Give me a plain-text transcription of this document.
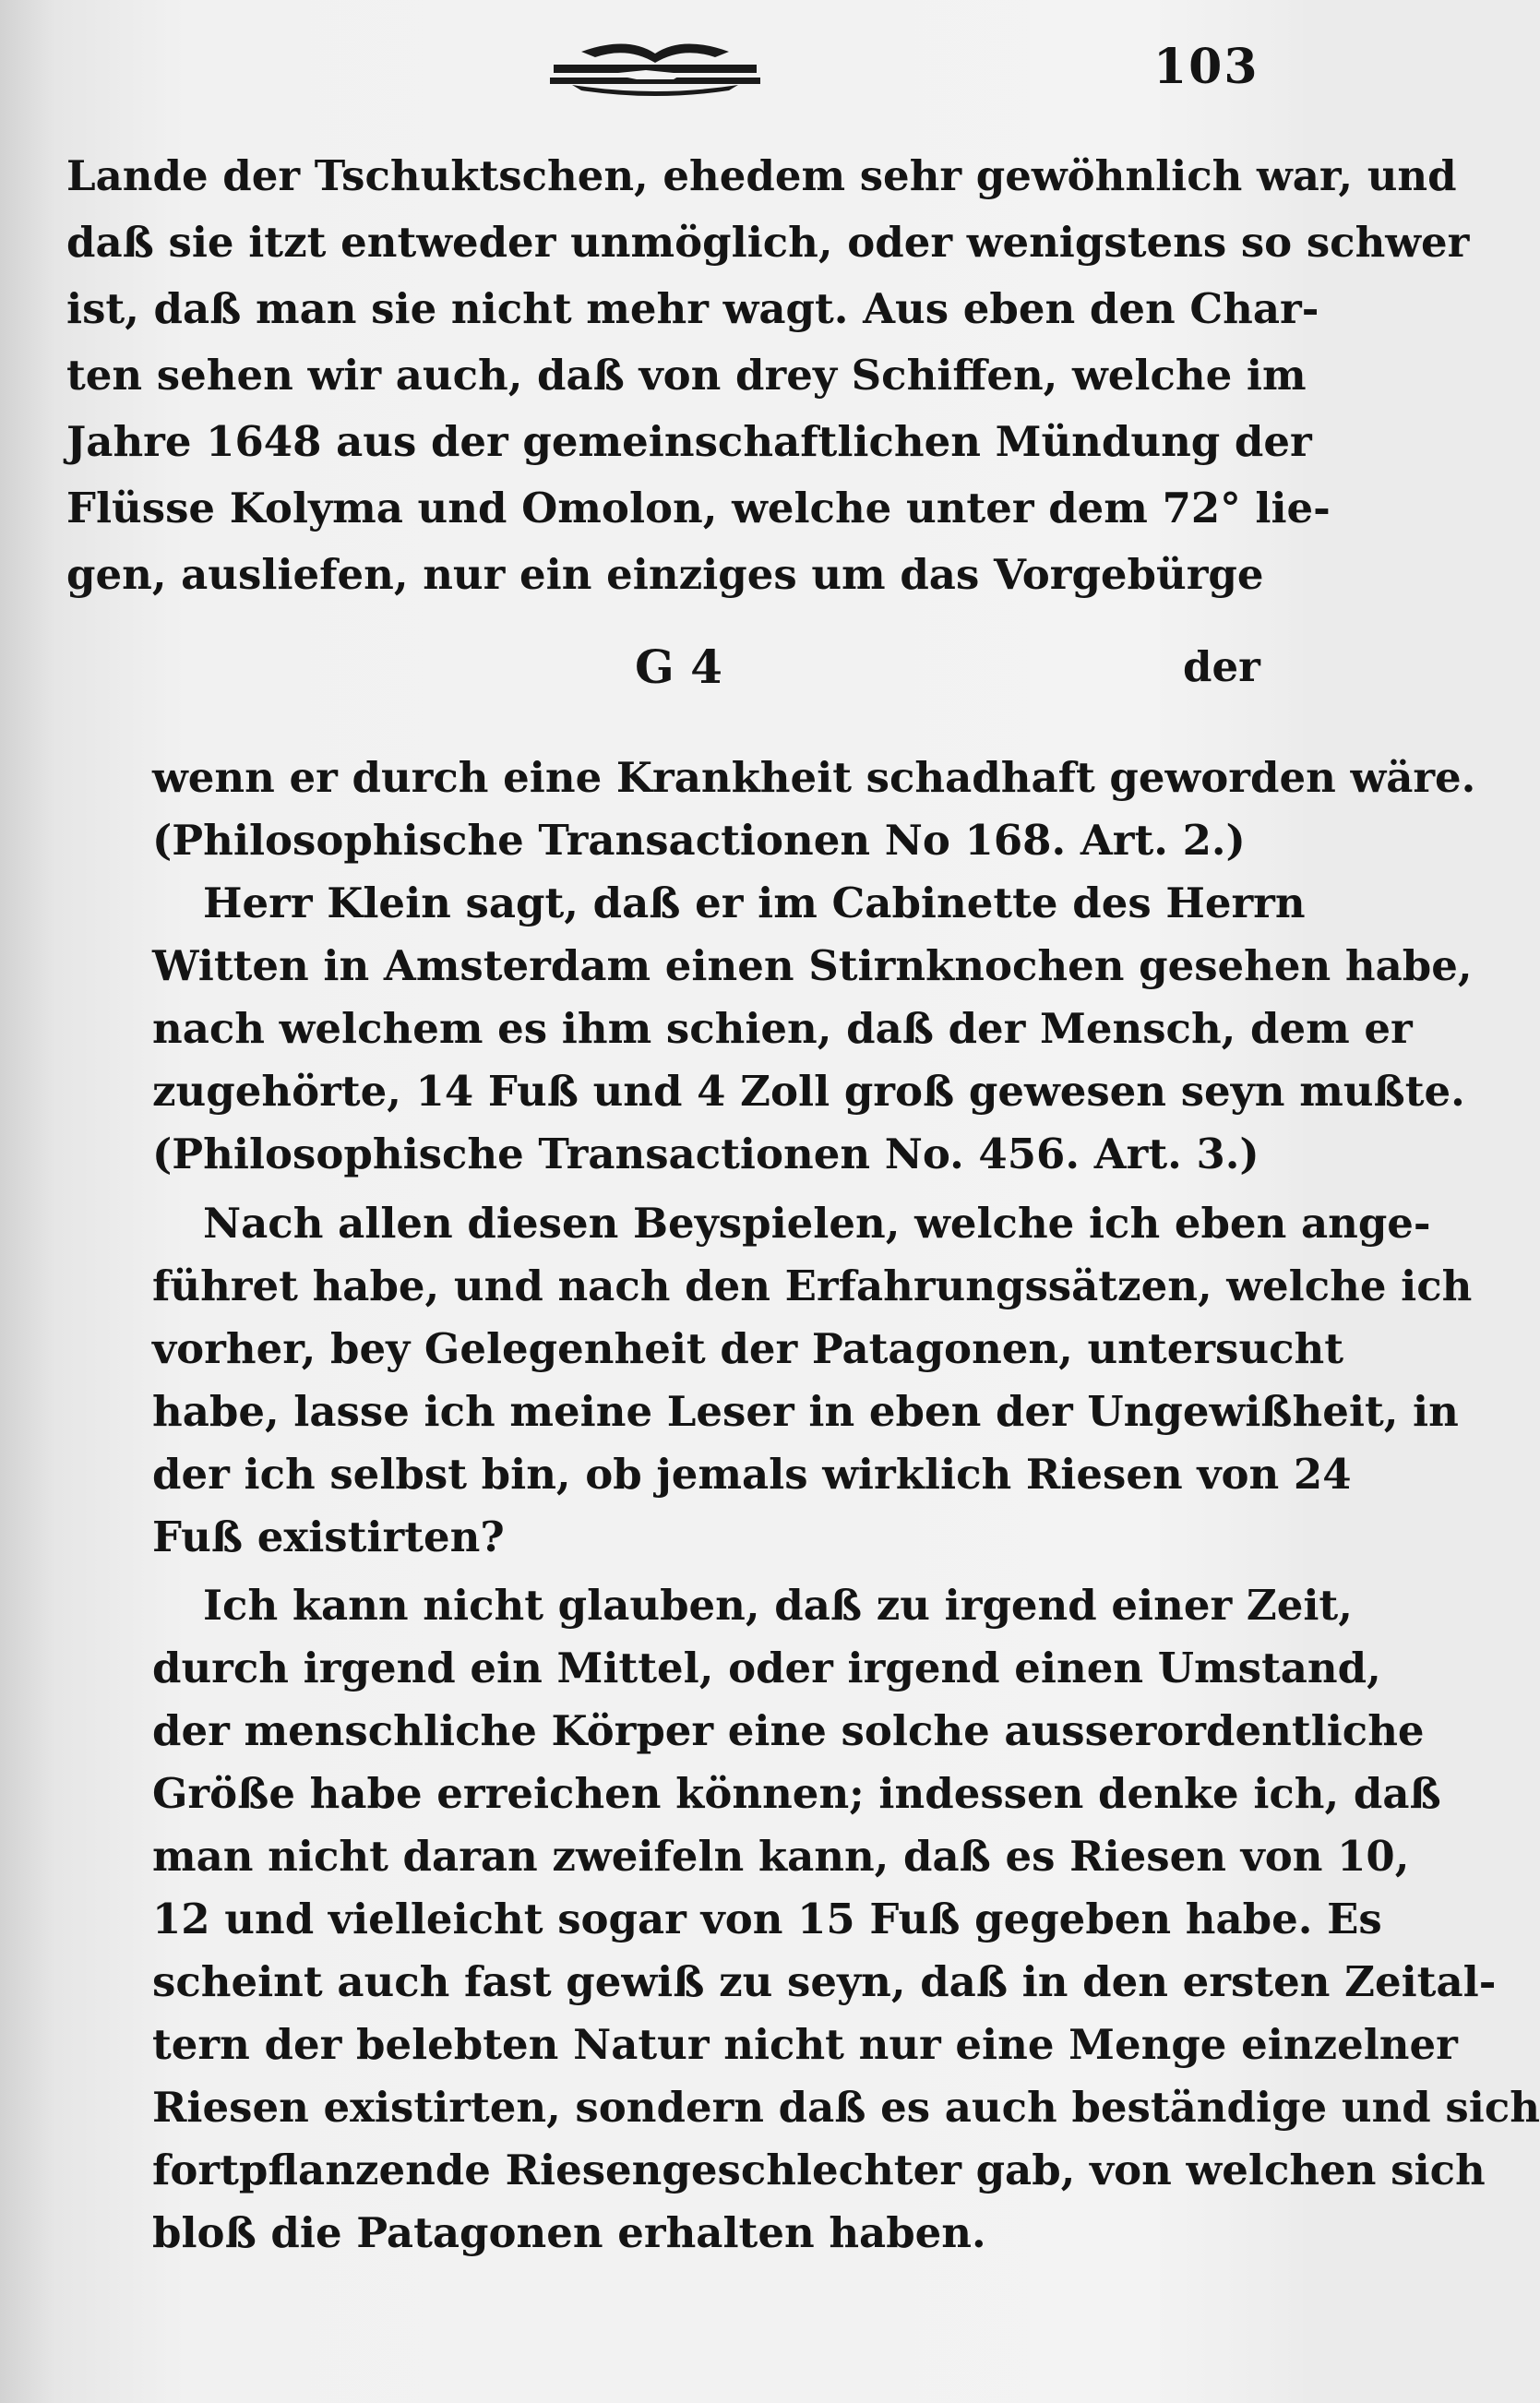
103
Lande der Tschuktschen, ehedem sehr gewöhnlich war, und
daß sie itzt entweder unmöglich, oder wenigstens so schwer
ist, daß man sie nicht mehr wagt. Aus eben den Char-
ten sehen wir auch, daß von drey Schiffen, welche im
Jahre 1648 aus der gemeinschaftlichen Mündung der
Flüsse Kolyma und Omolon, welche unter dem 72° lie-
gen, ausliefen, nur ein einziges um das Vorgebürge
G 4	der
wenn er durch eine Krankheit schadhaft geworden wäre.
(Philosophische Transactionen No 168. Art. 2.)
Herr Klein sagt, daß er im Cabinette des Herrn
Witten in Amsterdam einen Stirnknochen gesehen habe,
nach welchem es ihm schien, daß der Mensch, dem er
zugehörte, 14 Fuß und 4 Zoll groß gewesen seyn mußte.
(Philosophische Transactionen No. 456. Art. 3.)
Nach allen diesen Beyspielen, welche ich eben ange-
führet habe, und nach den Erfahrungssätzen, welche ich
vorher, bey Gelegenheit der Patagonen, untersucht
habe, lasse ich meine Leser in eben der Ungewißheit, in
der ich selbst bin, ob jemals wirklich Riesen von 24
Fuß existirten?
Ich kann nicht glauben, daß zu irgend einer Zeit,
durch irgend ein Mittel, oder irgend einen Umstand,
der menschliche Körper eine solche ausserordentliche
Größe habe erreichen können; indessen denke ich, daß
man nicht daran zweifeln kann, daß es Riesen von 10,
12 und vielleicht sogar von 15 Fuß gegeben habe. Es
scheint auch fast gewiß zu seyn, daß in den ersten Zeital-
tern der belebten Natur nicht nur eine Menge einzelner
Riesen existirten, sondern daß es auch beständige und sich
fortpflanzende Riesengeschlechter gab, von welchen sich
bloß die Patagonen erhalten haben.
